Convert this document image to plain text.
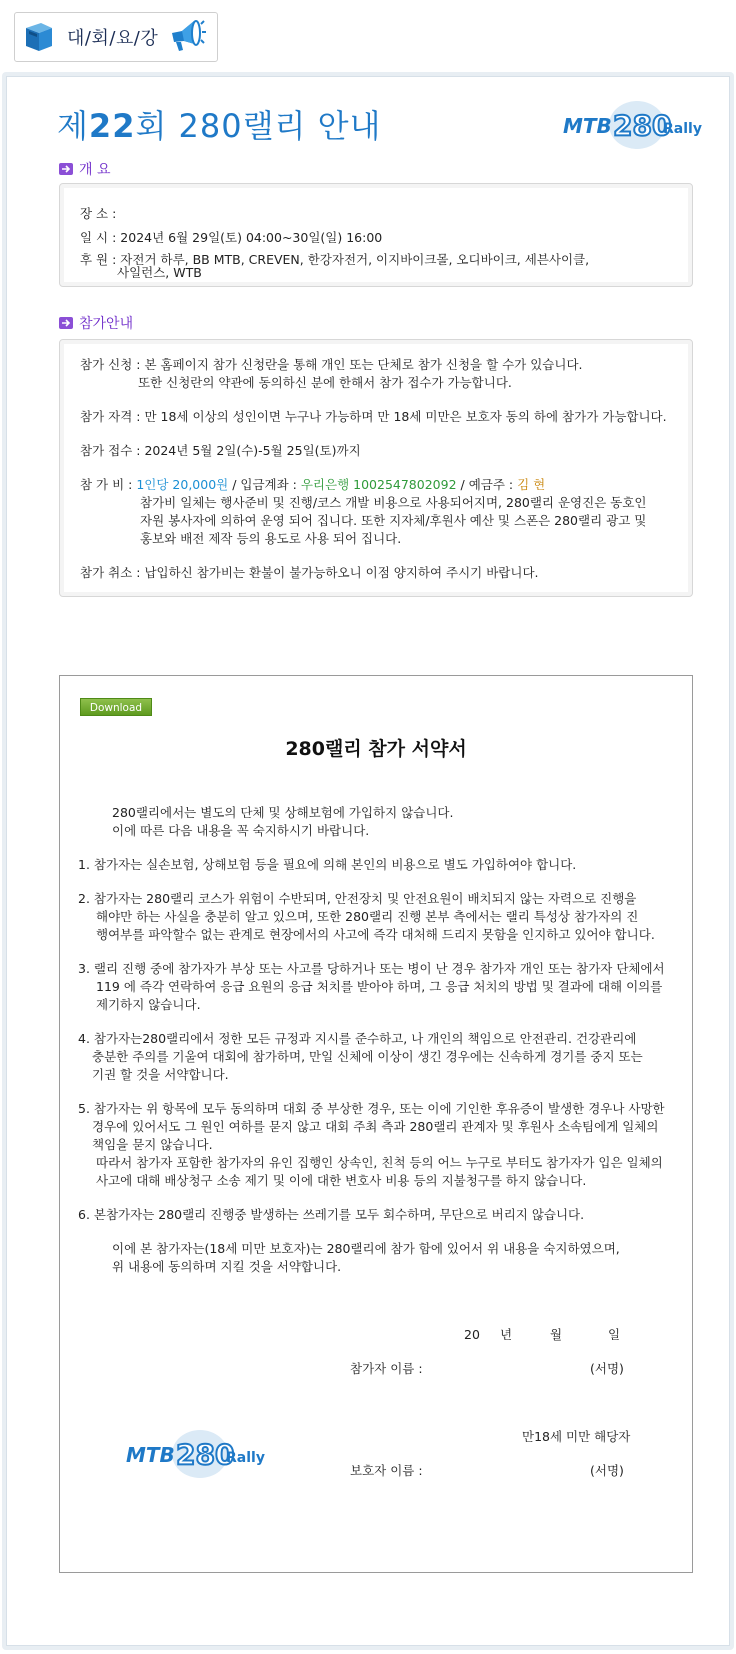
대/회/요/강
제22회 280랠리 안내	MTB 280
Rally
개 요
장 소 :
일 시 : 2024년 6월 29일(토) 04:00~30일(일) 16:00
후 원 : 자전거 하루, BB MTB, CREVEN, 한강자전거, 이지바이크몰, 오디바이크, 세븐사이클,
사일런스, WTB
참가안내
참가 신청 : 본 홈페이지 참가 신청란을 통해 개인 또는 단체로 참가 신청을 할 수가 있습니다.
또한 신청란의 약관에 동의하신 분에 한해서 참가 접수가 가능합니다.
참가 자격 : 만 18세 이상의 성인이면 누구나 가능하며 만 18세 미만은 보호자 동의 하에 참가가 가능합니다.
참가 접수 : 2024년 5월 2일(수)-5월 25일(토)까지
참 가 비 : 1인당 20,000원 / 입금계좌 : 우리은행 1002547802092 / 예금주 : 김 현
참가비 일체는 행사준비 및 진행/코스 개발 비용으로 사용되어지며, 280랠리 운영진은 동호인
자원 봉사자에 의하여 운영 되어 집니다. 또한 지자체/후원사 예산 및 스폰은 280랠리 광고 및
홍보와 배전 제작 등의 용도로 사용 되어 집니다.
참가 취소 : 납입하신 참가비는 환불이 불가능하오니 이점 양지하여 주시기 바랍니다.
Download
280랠리 참가 서약서
280랠리에서는 별도의 단체 및 상해보험에 가입하지 않습니다.
이에 따른 다음 내용을 꼭 숙지하시기 바랍니다.
1. 참가자는 실손보험, 상해보험 등을 필요에 의해 본인의 비용으로 별도 가입하여야 합니다.
2. 참가자는 280랠리 코스가 위험이 수반되며, 안전장치 및 안전요원이 배치되지 않는 자력으로 진행을
해야만 하는 사실을 충분히 알고 있으며, 또한 280랠리 진행 본부 측에서는 랠리 특성상 참가자의 진
행여부를 파악할수 없는 관계로 현장에서의 사고에 즉각 대처해 드리지 못함을 인지하고 있어야 합니다.
3. 랠리 진행 중에 참가자가 부상 또는 사고를 당하거나 또는 병이 난 경우 참가자 개인 또는 참가자 단체에서
119 에 즉각 연락하여 응급 요원의 응급 처치를 받아야 하며, 그 응급 처치의 방법 및 결과에 대해 이의를
제기하지 않습니다.
4. 참가자는280랠리에서 정한 모든 규정과 지시를 준수하고, 나 개인의 책임으로 안전관리. 건강관리에
충분한 주의를 기울여 대회에 참가하며, 만일 신체에 이상이 생긴 경우에는 신속하게 경기를 중지 또는
기권 할 것을 서약합니다.
5. 참가자는 위 항목에 모두 동의하며 대회 중 부상한 경우, 또는 이에 기인한 후유증이 발생한 경우나 사망한
경우에 있어서도 그 원인 여하를 묻지 않고 대회 주최 측과 280랠리 관계자 및 후원사 소속팀에게 일체의
책임을 묻지 않습니다.
따라서 참가자 포함한 참가자의 유인 집행인 상속인, 친척 등의 어느 누구로 부터도 참가자가 입은 일체의
사고에 대해 배상청구 소송 제기 및 이에 대한 변호사 비용 등의 지불청구를 하지 않습니다.
6. 본참가자는 280랠리 진행중 발생하는 쓰레기를 모두 회수하며, 무단으로 버리지 않습니다.
이에 본 참가자는(18세 미만 보호자)는 280랠리에 참가 함에 있어서 위 내용을 숙지하였으며,
위 내용에 동의하며 지킬 것을 서약합니다.
20 년	월	일
참가자 이름 :	(서명)
만18세 미만 해당자
보호자 이름 :	(서명)
MTB 280
Rally
